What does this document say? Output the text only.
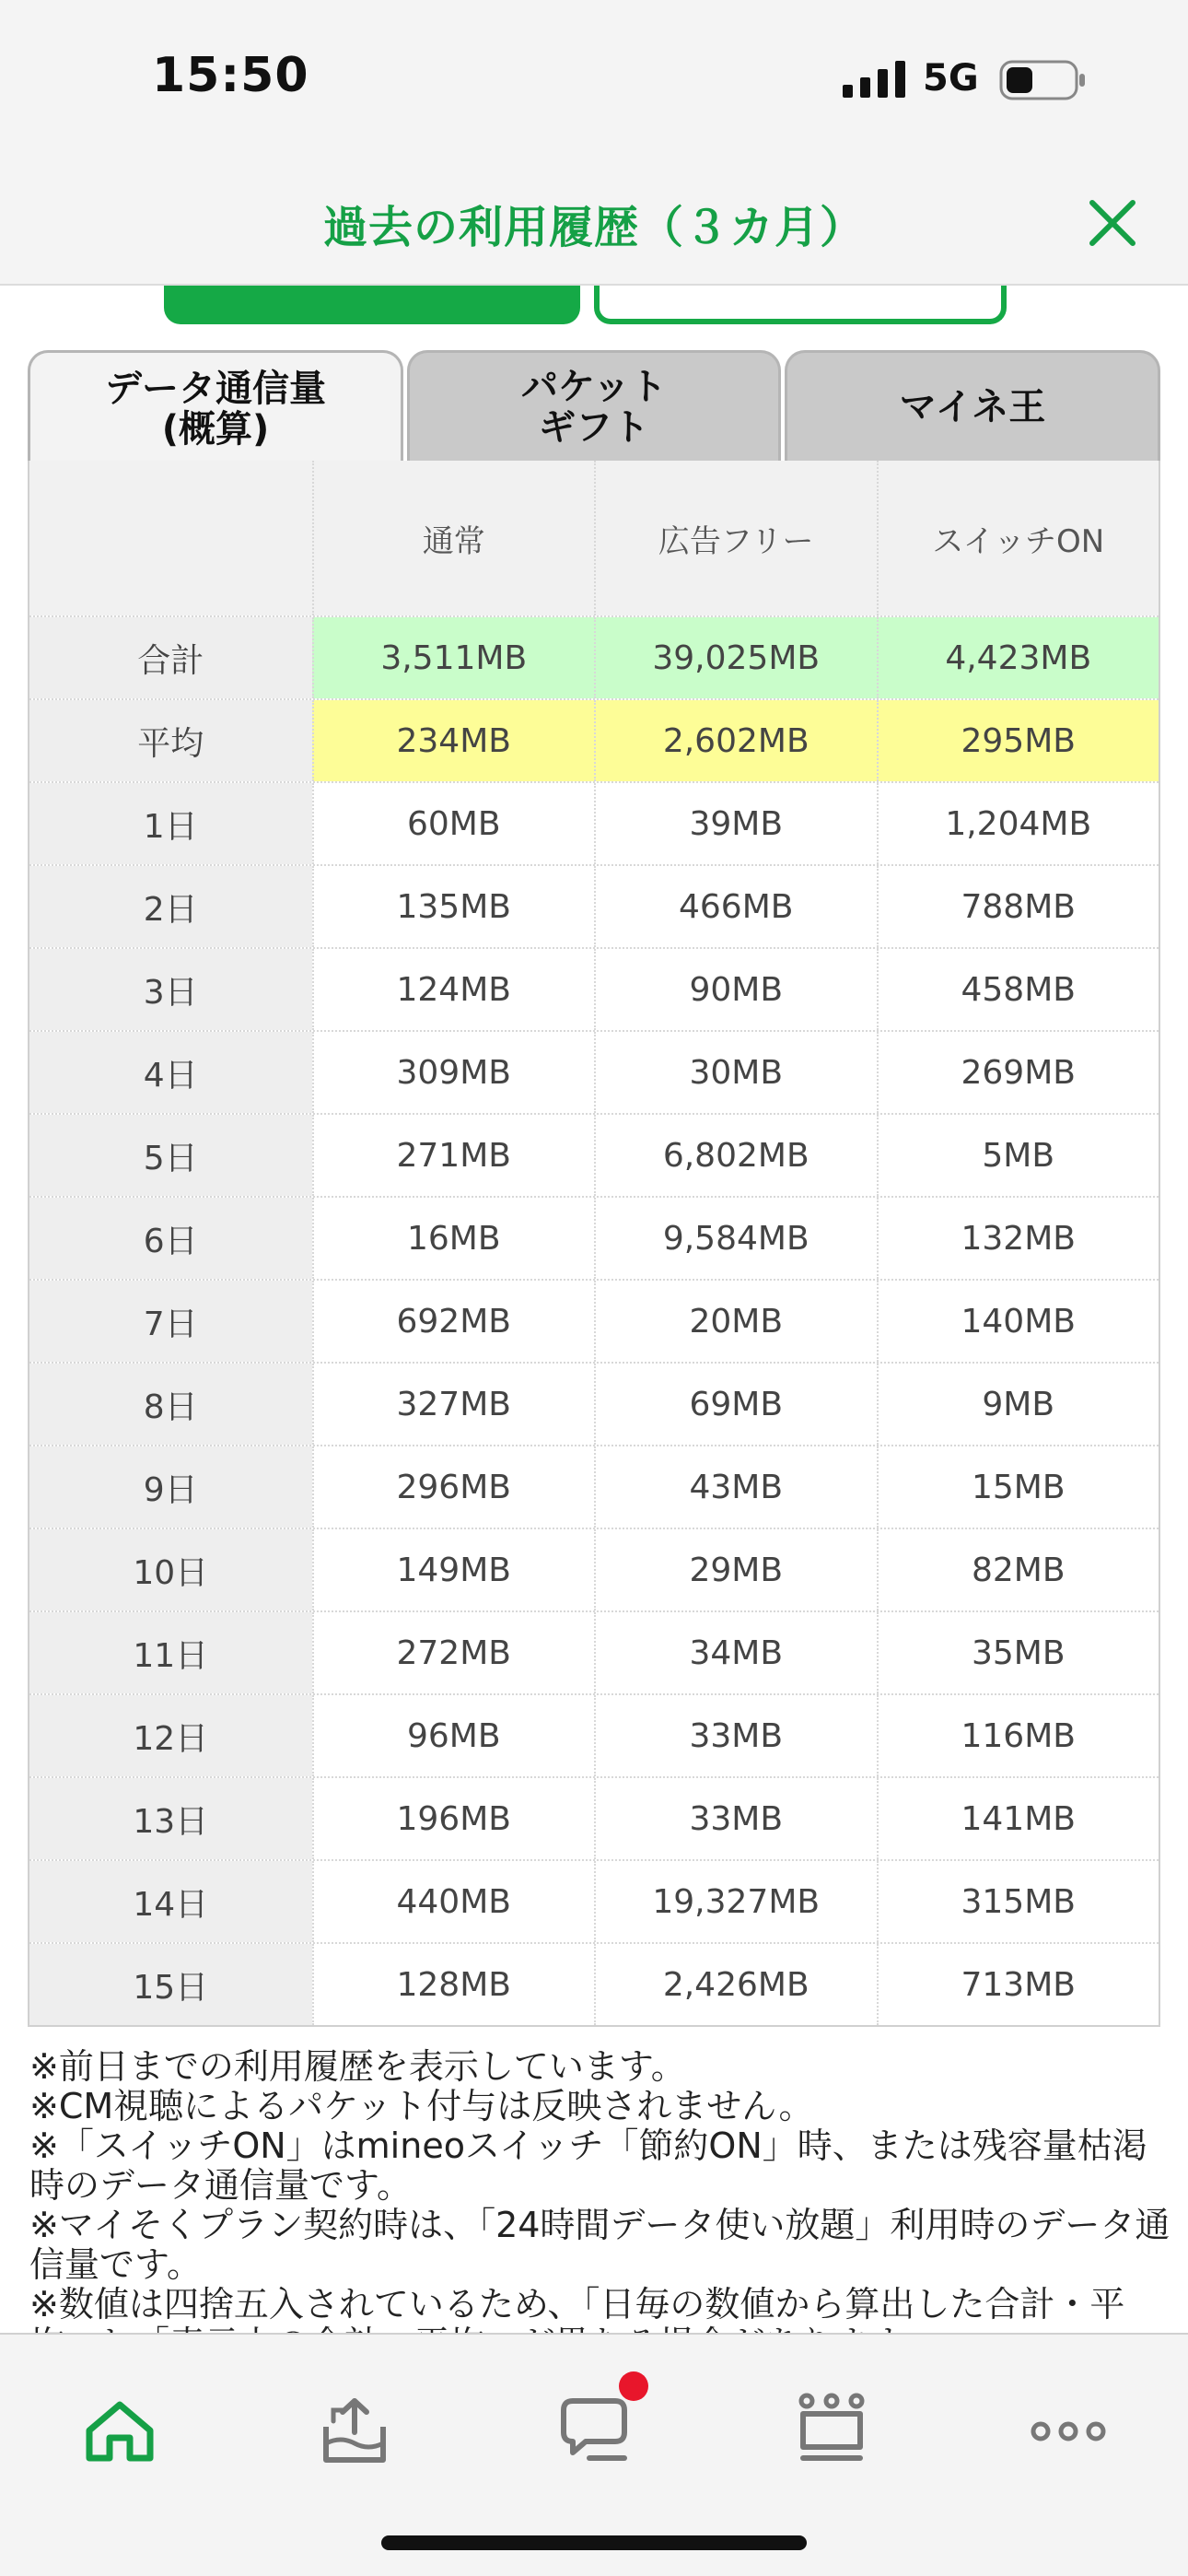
15:50	5G
過去の利用履歴（３カ月）
データ通信量
(概算)
パケット
ギフト	マイネ王
通常	広告フリー	スイッチON
合計	3,511MB	39,025MB	4,423MB
平均	234MB	2,602MB	295MB
1日	60MB	39MB	1,204MB
2日	135MB	466MB	788MB
3日	124MB	90MB	458MB
4日	309MB	30MB	269MB
5日	271MB	6,802MB	5MB
6日	16MB	9,584MB	132MB
7日	692MB	20MB	140MB
8日	327MB	69MB	9MB
9日	296MB	43MB	15MB
10日	149MB	29MB	82MB
11日	272MB	34MB	35MB
12日	96MB	33MB	116MB
13日	196MB	33MB	141MB
14日	440MB	19,327MB	315MB
15日	128MB	2,426MB	713MB
※前日までの利用履歴を表示しています。
※CM視聴によるパケット付与は反映されません。
※「スイッチON」はmineoスイッチ「節約ON」時、または残容量枯渇時のデータ通信量です。
※マイそくプラン契約時は、「24時間データ使い放題」利用時のデータ通信量です。
※数値は四捨五入されているため、「日毎の数値から算出した合計・平
